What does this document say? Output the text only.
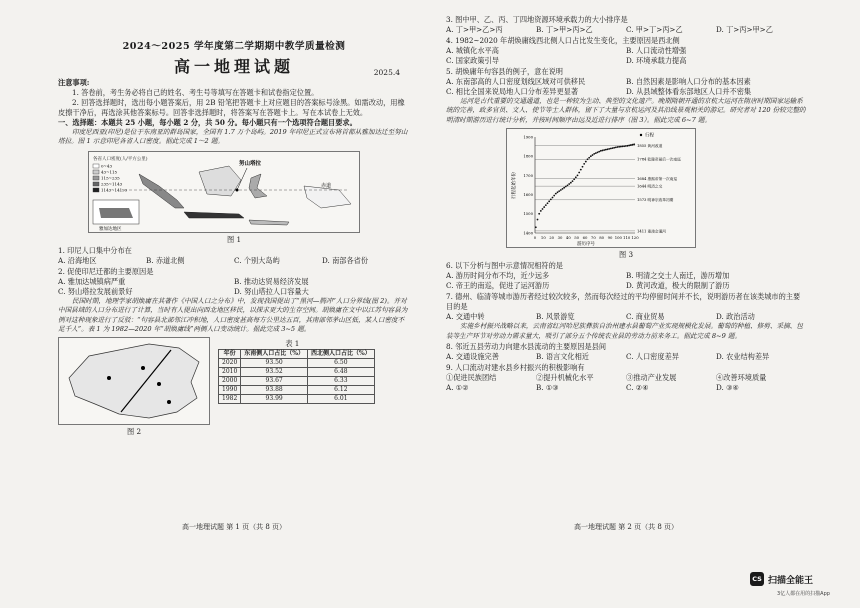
2024～2025 学年度第二学期期中教学质量检测
高一地理试题	2025.4
注意事项:

1. 答卷前，考生务必将自己的姓名、考生号等填写在答题卡和试卷指定位置。

2. 回答选择题时，选出每小题答案后，用 2B 铅笔把答题卡上对应题目的答案标号涂黑。如需改动，用橡皮擦干净后，再选涂其他答案标号。回答非选择题时，将答案写在答题卡上。写在本试卷上无效。

一、选择题：本题共 25 小题，每小题 2 分，共 50 分。每小题只有一个选项符合题目要求。

印度尼西亚(印尼)是位于东南亚的群岛国家，全国有 1.7 万个岛屿。2019 年印尼正式宣布将首都从雅加达迁至努山塔拉。图 1 示意印尼各省人口密度。据此完成 1～2 题。

各省人口密度(人/平方公里)
0~43
43~115
115~235
235~1143
1143~14199
赤道
努山塔拉
雅加达地区
图 1

1. 印尼人口集中分布在

A. 沿海地区	B. 赤道北侧	C. 个别大岛屿	D. 南部各省份

2. 促使印尼迁都的主要原因是

A. 雅加达城镇病严重	B. 推动达贸易经济发展
C. 努山塔拉发展前景好	D. 努山塔拉人口容量大

民国时期，地理学家胡焕庸在其著作《中国人口之分布》中，发现我国提出了“黑河—腾冲”人口分界线(图 2)。并对中国县域的人口分布进行了计算，当时有人提出向西北地区移民，以探求更大的生存空间。胡焕庸在文中以江苏句容县为例对这种现象进行了反驳：“句容县北部邻江冲积地，人口密度甚高每方公里达五百，其南部邻茅山区低，某人口密度不足千人”。表 1 为 1982—2020 年“胡焕庸线”两侧人口变动统计。据此完成 3~5 题。

图 2
表 1
年份	东南侧人口占比（%）	西北侧人口占比（%）
2020	93.50	6.50
2010	93.52	6.48
2000	93.67	6.33
1990	93.88	6.12
1982	93.99	6.01
高一地理试题 第 1 页（共 8 页）

3. 图中甲、乙、丙、丁四地资源环境承载力的大小排序是

A. 丁>甲>乙>丙	B. 丁>甲>丙>乙	C. 甲>丁>丙>乙	D. 丁>丙>甲>乙

4. 1982~2020 年胡焕庸线西北侧人口占比发生变化，主要原因是西北侧

A. 城镇化水平高	B. 人口流动性增强
C. 国家政策引导	D. 环境承载力提高

5. 胡焕庸年句容县的例子，意在说明

A. 东南部高的人口密度划线区域对可供移民	B. 自然因素是影响人口分布的基本因素
C. 相比全国来说局地人口分布差异更显著	D. 从县域整体看东部地区人口并不密集

运河是古代重要的交通通道，也是一种较为生动、典型的文化遗产。晚期隋朝开通的京杭大运河在隋唐时期国家运输系统的完善，政多官员、文人、使节等士人群体，留下了大量与京杭运河及其沿线景观相关的游记。研究者对 120 份较完整的明清时期游历进行统计分析，并按时间顺序由远及近进行排序（图 3）。据此完成 6~7 题。

0 10 20 30 40 50 60 70 80 90 100 110 120
1400
1500
1600
1700
1800
1900
1855 黄河改道
1784 乾隆帝最后一次南巡
1684 康熙帝第一次南巡
1644 明清之交
1573 明神宗改革初期
1411 重浚会通河
行程起始年份
游历序号
行程
图 3

6. 以下分析与图中示意情况相符的是

A. 游历时间分布不均，近少远多	B. 明清之交士人南迁，游历增加
C. 帝王的南巡，促进了运河游历	D. 黄河改道，极大的限制了游历

7. 德州、临清等城市游历者经过较次较多，然而每次经过的平均停留时间并不长，说明游历者在该类城市的主要目的是

A. 交通中转	B. 风景游览	C. 商业贸易	D. 政治活动

实施乡村振兴战略以来，云南省红河哈尼族彝族自治州建水县葡萄产业实现规模化发展。葡萄的种植、修剪、采摘、包装等生产环节对劳动力需求量大，吸引了部分五个传统农业县的劳动力前来务工。据此完成 8~9 题。

8. 邻近五县劳动力向建水县流动的主要原因是县间

A. 交通设施完善	B. 语言文化相近	C. 人口密度差异	D. 农业结构差异

9. 人口流动对建水县乡村振兴的积极影响有

①促进民族团结	②提升机械化水平	③推动产业发展	④改善环境质量
A. ①②	B. ①③	C. ②④	D. ③④
高一地理试题 第 2 页（共 8 页）
CS 扫描全能王
3亿人都在用的扫描App
